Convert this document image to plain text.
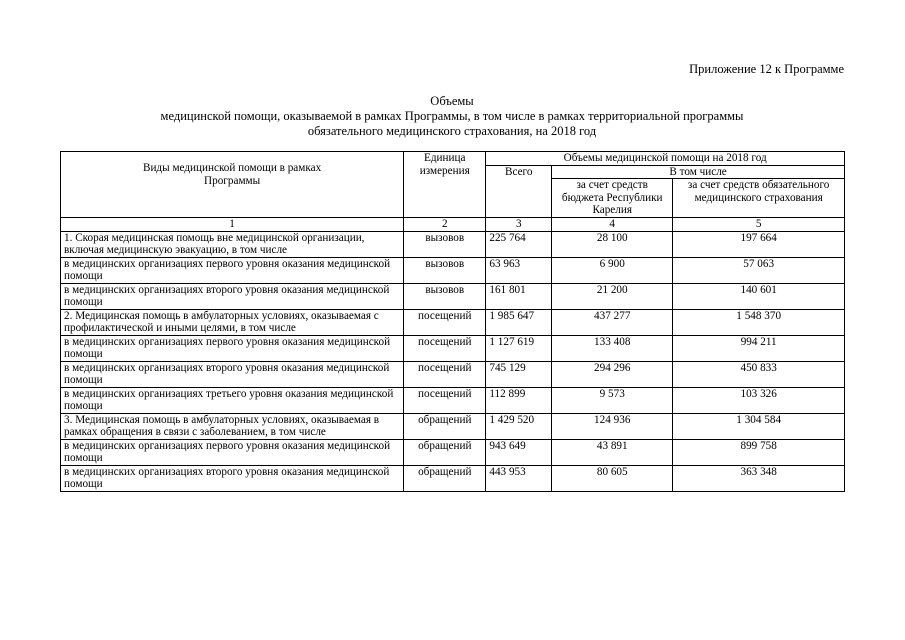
Приложение 12 к Программе
Объемы
медицинской помощи, оказываемой в рамках Программы, в том числе в рамках территориальной программы
обязательного медицинского страхования, на 2018 год
Виды медицинской помощи в рамках Программы	Единица измерения	Объемы медицинской помощи на 2018 год		
		Всего	В том числе	
			за счет средств бюджета Республики Карелия	за счет средств обязательного медицинского страхования
1	2	3	4	5
1. Скорая медицинская помощь вне медицинской организации, включая медицинскую эвакуацию, в том числе	вызовов	225 764	28 100	197 664
в медицинских организациях первого уровня оказания медицинской помощи	вызовов	63 963	6 900	57 063
в медицинских организациях второго уровня оказания медицинской помощи	вызовов	161 801	21 200	140 601
2. Медицинская помощь в амбулаторных условиях, оказываемая с профилактической и иными целями, в том числе	посещений	1 985 647	437 277	1 548 370
в медицинских организациях первого уровня оказания медицинской помощи	посещений	1 127 619	133 408	994 211
в медицинских организациях второго уровня оказания медицинской помощи	посещений	745 129	294 296	450 833
в медицинских организациях третьего уровня оказания медицинской помощи	посещений	112 899	9 573	103 326
3. Медицинская помощь в амбулаторных условиях, оказываемая в рамках обращения в связи с заболеванием, в том числе	обращений	1 429 520	124 936	1 304 584
в медицинских организациях первого уровня оказания медицинской помощи	обращений	943 649	43 891	899 758
в медицинских организациях второго уровня оказания медицинской помощи	обращений	443 953	80 605	363 348
